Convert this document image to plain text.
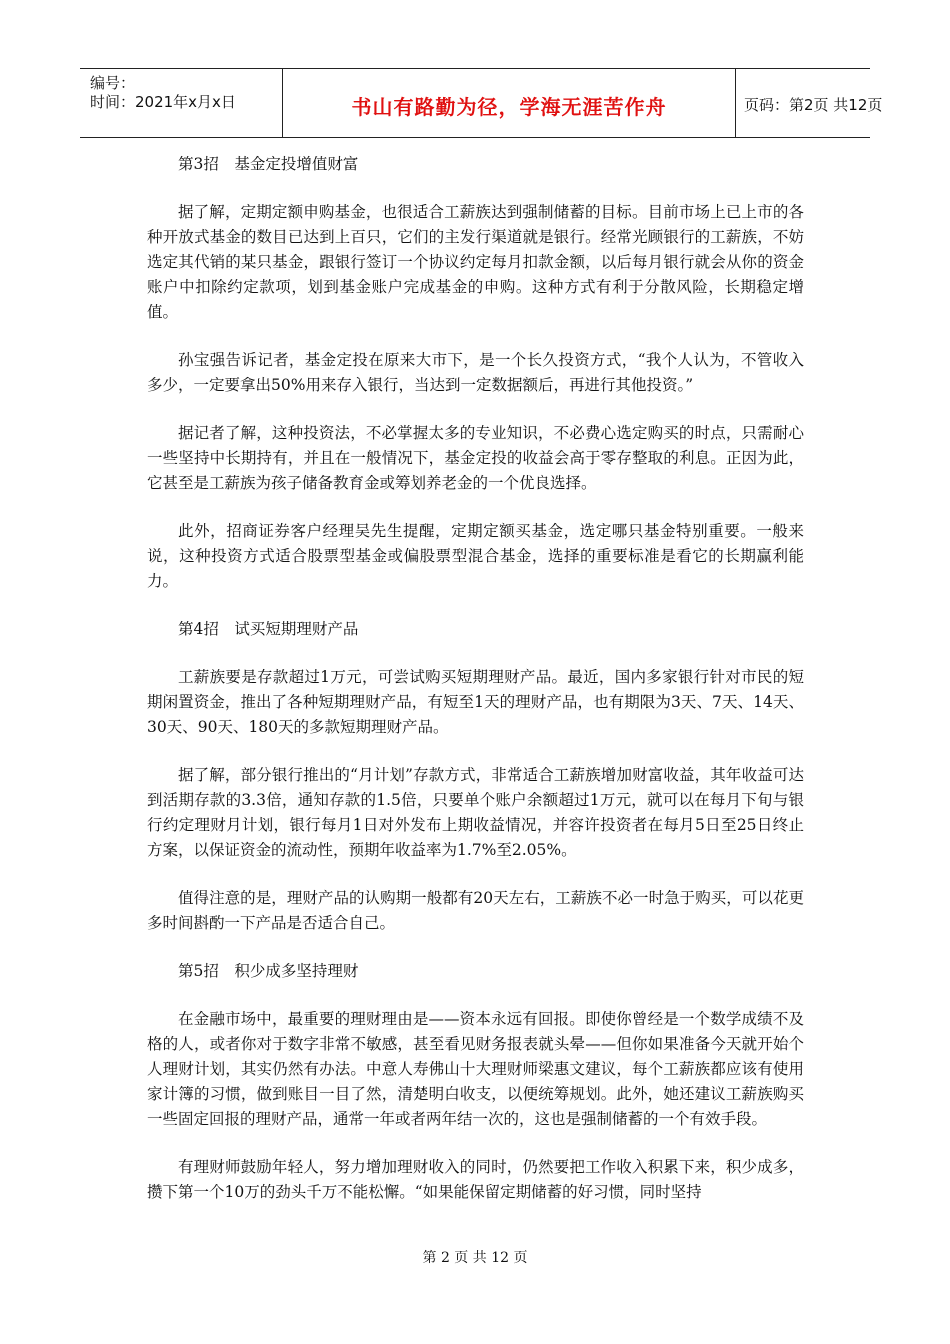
编号：
时间：2021年x月x日	书山有路勤为径，学海无涯苦作舟	页码：第2页 共12页

第3招　基金定投增值财富

据了解，定期定额申购基金，也很适合工薪族达到强制储蓄的目标。目前市场上已上市的各种开放式基金的数目已达到上百只，它们的主发行渠道就是银行。经常光顾银行的工薪族，不妨选定其代销的某只基金，跟银行签订一个协议约定每月扣款金额，以后每月银行就会从你的资金账户中扣除约定款项，划到基金账户完成基金的申购。这种方式有利于分散风险，长期稳定增值。

孙宝强告诉记者，基金定投在原来大市下，是一个长久投资方式，“我个人认为，不管收入多少，一定要拿出50%用来存入银行，当达到一定数据额后，再进行其他投资。”

据记者了解，这种投资法，不必掌握太多的专业知识，不必费心选定购买的时点，只需耐心一些坚持中长期持有，并且在一般情况下，基金定投的收益会高于零存整取的利息。正因为此，它甚至是工薪族为孩子储备教育金或筹划养老金的一个优良选择。

此外，招商证券客户经理吴先生提醒，定期定额买基金，选定哪只基金特别重要。一般来说，这种投资方式适合股票型基金或偏股票型混合基金，选择的重要标准是看它的长期赢利能力。

第4招　试买短期理财产品

工薪族要是存款超过1万元，可尝试购买短期理财产品。最近，国内多家银行针对市民的短期闲置资金，推出了各种短期理财产品，有短至1天的理财产品，也有期限为3天、7天、14天、30天、90天、180天的多款短期理财产品。

据了解，部分银行推出的“月计划”存款方式，非常适合工薪族增加财富收益，其年收益可达到活期存款的3.3倍，通知存款的1.5倍，只要单个账户余额超过1万元，就可以在每月下旬与银行约定理财月计划，银行每月1日对外发布上期收益情况，并容许投资者在每月5日至25日终止方案，以保证资金的流动性，预期年收益率为1.7%至2.05%。

值得注意的是，理财产品的认购期一般都有20天左右，工薪族不必一时急于购买，可以花更多时间斟酌一下产品是否适合自己。

第5招　积少成多坚持理财

在金融市场中，最重要的理财理由是——资本永远有回报。即使你曾经是一个数学成绩不及格的人，或者你对于数字非常不敏感，甚至看见财务报表就头晕——但你如果准备今天就开始个人理财计划，其实仍然有办法。中意人寿佛山十大理财师梁惠文建议，每个工薪族都应该有使用家计簿的习惯，做到账目一目了然，清楚明白收支，以便统筹规划。此外，她还建议工薪族购买一些固定回报的理财产品，通常一年或者两年结一次的，这也是强制储蓄的一个有效手段。

有理财师鼓励年轻人，努力增加理财收入的同时，仍然要把工作收入积累下来，积少成多，攒下第一个10万的劲头千万不能松懈。“如果能保留定期储蓄的好习惯，同时坚持

第 2 页 共 12 页
